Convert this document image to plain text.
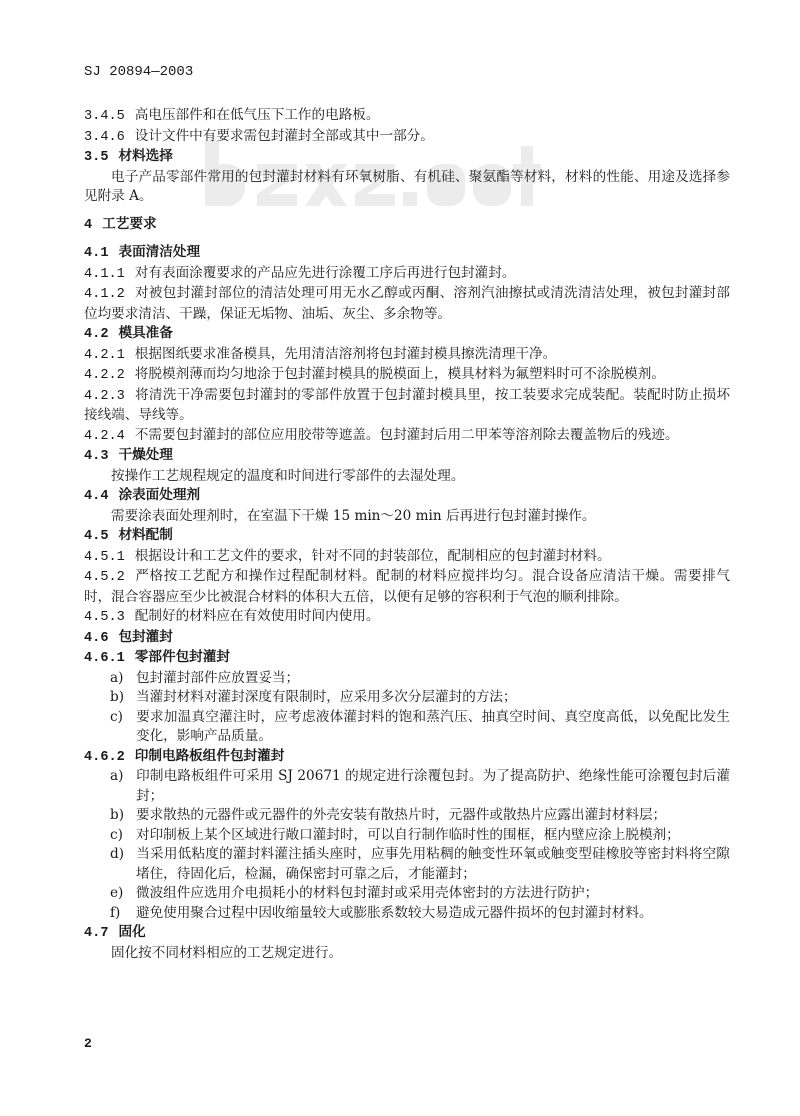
SJ 20894—2003

3.4.5 高电压部件和在低气压下工作的电路板。

3.4.6 设计文件中有要求需包封灌封全部或其中一部分。

3.5 材料选择

电子产品零部件常用的包封灌封材料有环氧树脂、有机硅、聚氨酯等材料，材料的性能、用途及选择参见附录 A。

4 工艺要求

4.1 表面清洁处理

4.1.1 对有表面涂覆要求的产品应先进行涂覆工序后再进行包封灌封。

4.1.2 对被包封灌封部位的清洁处理可用无水乙醇或丙酮、溶剂汽油擦拭或清洗清洁处理，被包封灌封部位均要求清洁、干躁，保证无垢物、油垢、灰尘、多余物等。

4.2 模具准备

4.2.1 根据图纸要求准备模具，先用清洁溶剂将包封灌封模具擦洗清理干净。

4.2.2 将脱模剂薄而均匀地涂于包封灌封模具的脱模面上，模具材料为氟塑料时可不涂脱模剂。

4.2.3 将清洗干净需要包封灌封的零部件放置于包封灌封模具里，按工装要求完成装配。装配时防止损坏接线端、导线等。

4.2.4 不需要包封灌封的部位应用胶带等遮盖。包封灌封后用二甲苯等溶剂除去覆盖物后的残迹。

4.3 干燥处理

按操作工艺规程规定的温度和时间进行零部件的去湿处理。

4.4 涂表面处理剂

需要涂表面处理剂时，在室温下干燥 15 min～20 min 后再进行包封灌封操作。

4.5 材料配制

4.5.1 根据设计和工艺文件的要求，针对不同的封装部位，配制相应的包封灌封材料。

4.5.2 严格按工艺配方和操作过程配制材料。配制的材料应搅拌均匀。混合设备应清洁干燥。需要排气时，混合容器应至少比被混合材料的体积大五倍，以便有足够的容积利于气泡的顺利排除。

4.5.3 配制好的材料应在有效使用时间内使用。

4.6 包封灌封

4.6.1 零部件包封灌封

a) 包封灌封部件应放置妥当；

b) 当灌封材料对灌封深度有限制时，应采用多次分层灌封的方法；

c) 要求加温真空灌注时，应考虑液体灌封料的饱和蒸汽压、抽真空时间、真空度高低，以免配比发生变化，影响产品质量。

4.6.2 印制电路板组件包封灌封

a) 印制电路板组件可采用 SJ 20671 的规定进行涂覆包封。为了提高防护、绝缘性能可涂覆包封后灌封；

b) 要求散热的元器件或元器件的外壳安装有散热片时，元器件或散热片应露出灌封材料层；

c) 对印制板上某个区域进行敞口灌封时，可以自行制作临时性的围框，框内壁应涂上脱模剂；

d) 当采用低粘度的灌封料灌注插头座时，应事先用粘稠的触变性环氧或触变型硅橡胶等密封料将空隙堵住，待固化后，检漏，确保密封可靠之后，才能灌封；

e) 微波组件应选用介电损耗小的材料包封灌封或采用壳体密封的方法进行防护；

f) 避免使用聚合过程中因收缩量较大或膨胀系数较大易造成元器件损坏的包封灌封材料。

4.7 固化

固化按不同材料相应的工艺规定进行。

2
